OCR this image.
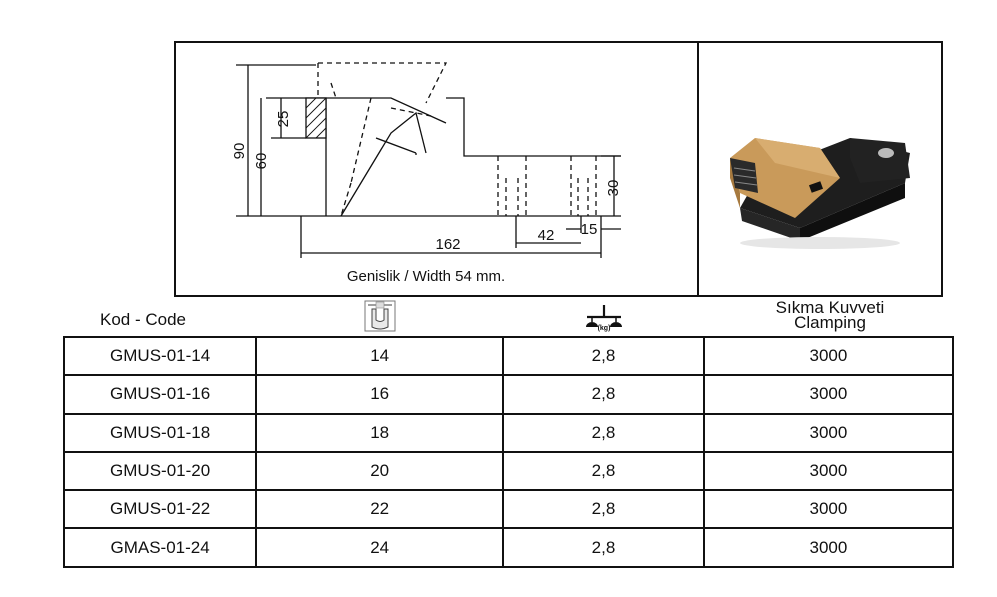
90
60
25
30
162
42 15
Genislik / Width 54 mm.
Kod - Code	(kg)
Sıkma Kuvveti
Clamping
GMUS-01-14	14	2,8	3000
GMUS-01-16	16	2,8	3000
GMUS-01-18	18	2,8	3000
GMUS-01-20	20	2,8	3000
GMUS-01-22	22	2,8	3000
GMAS-01-24	24	2,8	3000
